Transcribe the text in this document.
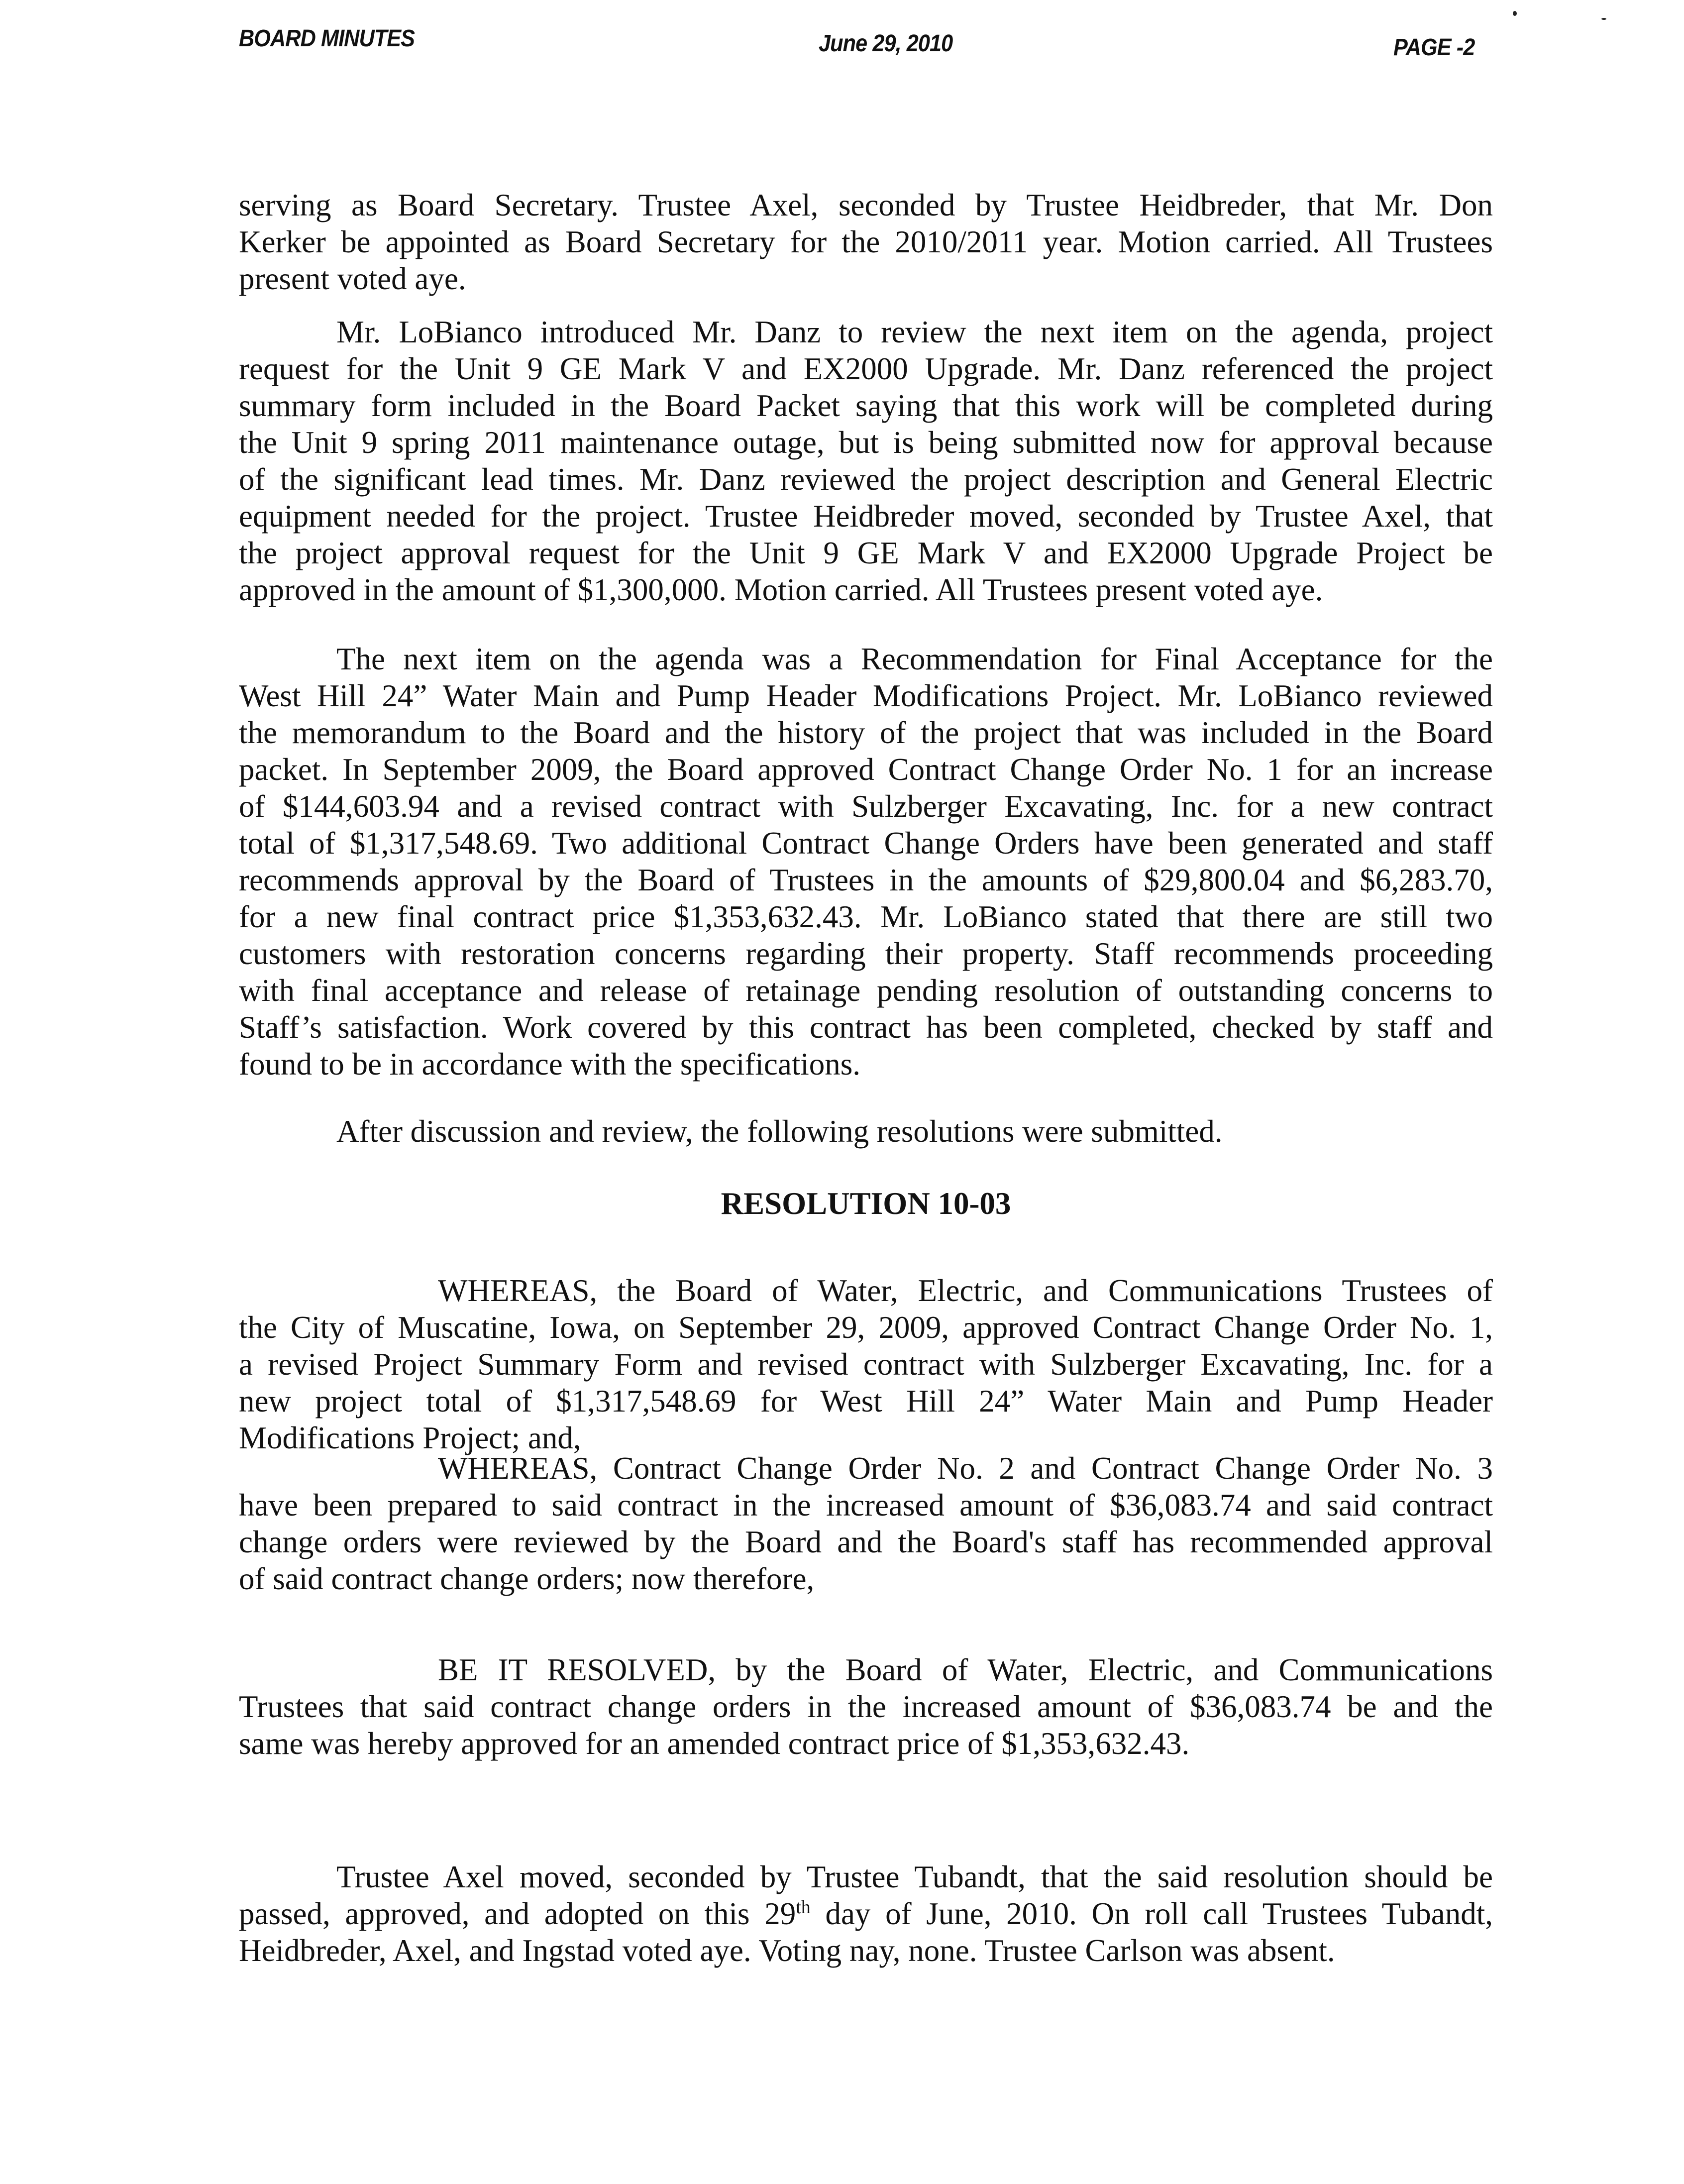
BOARD MINUTES	June 29, 2010	PAGE -2
serving as Board Secretary. Trustee Axel, seconded by Trustee Heidbreder, that Mr. Don
Kerker be appointed as Board Secretary for the 2010/2011 year. Motion carried. All Trustees
present voted aye.
Mr. LoBianco introduced Mr. Danz to review the next item on the agenda, project
request for the Unit 9 GE Mark V and EX2000 Upgrade. Mr. Danz referenced the project
summary form included in the Board Packet saying that this work will be completed during
the Unit 9 spring 2011 maintenance outage, but is being submitted now for approval because
of the significant lead times. Mr. Danz reviewed the project description and General Electric
equipment needed for the project. Trustee Heidbreder moved, seconded by Trustee Axel, that
the project approval request for the Unit 9 GE Mark V and EX2000 Upgrade Project be
approved in the amount of $1,300,000. Motion carried. All Trustees present voted aye.
The next item on the agenda was a Recommendation for Final Acceptance for the
West Hill 24” Water Main and Pump Header Modifications Project. Mr. LoBianco reviewed
the memorandum to the Board and the history of the project that was included in the Board
packet. In September 2009, the Board approved Contract Change Order No. 1 for an increase
of $144,603.94 and a revised contract with Sulzberger Excavating, Inc. for a new contract
total of $1,317,548.69. Two additional Contract Change Orders have been generated and staff
recommends approval by the Board of Trustees in the amounts of $29,800.04 and $6,283.70,
for a new final contract price $1,353,632.43. Mr. LoBianco stated that there are still two
customers with restoration concerns regarding their property. Staff recommends proceeding
with final acceptance and release of retainage pending resolution of outstanding concerns to
Staff’s satisfaction. Work covered by this contract has been completed, checked by staff and
found to be in accordance with the specifications.
After discussion and review, the following resolutions were submitted.
RESOLUTION 10-03
WHEREAS, the Board of Water, Electric, and Communications Trustees of
the City of Muscatine, Iowa, on September 29, 2009, approved Contract Change Order No. 1,
a revised Project Summary Form and revised contract with Sulzberger Excavating, Inc. for a
new project total of $1,317,548.69 for West Hill 24” Water Main and Pump Header
Modifications Project; and,
WHEREAS, Contract Change Order No. 2 and Contract Change Order No. 3
have been prepared to said contract in the increased amount of $36,083.74 and said contract
change orders were reviewed by the Board and the Board's staff has recommended approval
of said contract change orders; now therefore,
BE IT RESOLVED, by the Board of Water, Electric, and Communications
Trustees that said contract change orders in the increased amount of $36,083.74 be and the
same was hereby approved for an amended contract price of $1,353,632.43.
Trustee Axel moved, seconded by Trustee Tubandt, that the said resolution should be
passed, approved, and adopted on this 29th day of June, 2010. On roll call Trustees Tubandt,
Heidbreder, Axel, and Ingstad voted aye. Voting nay, none. Trustee Carlson was absent.
